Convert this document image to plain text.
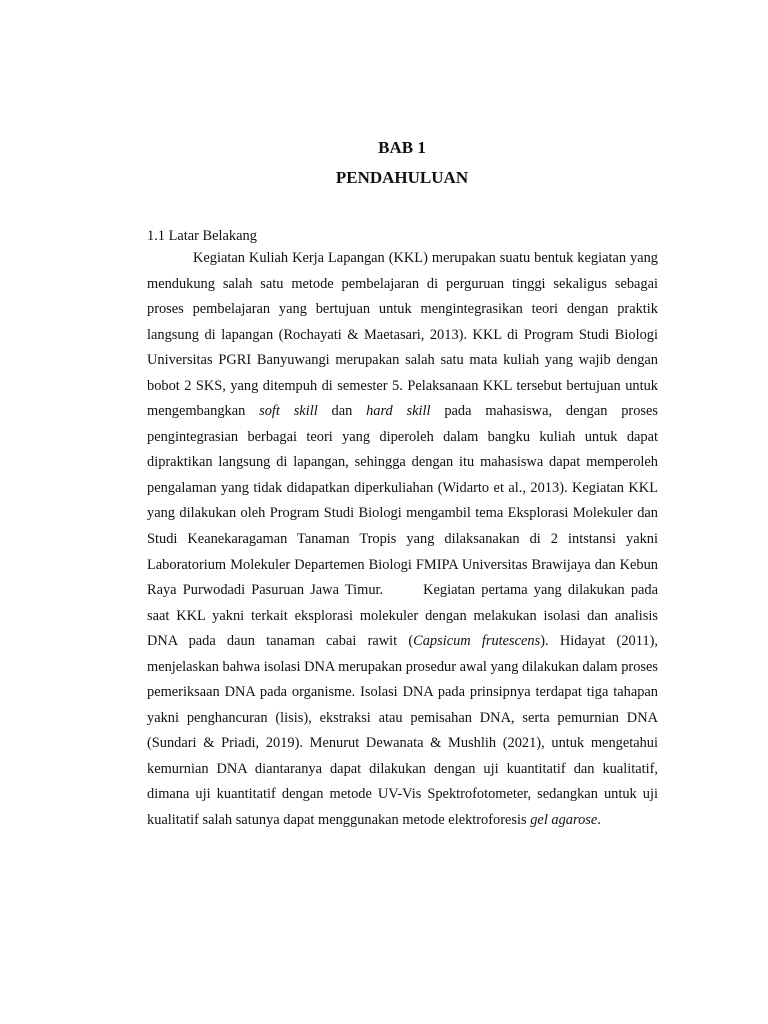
BAB 1
PENDAHULUAN
1.1 Latar Belakang

Kegiatan Kuliah Kerja Lapangan (KKL) merupakan suatu bentuk kegiatan yang mendukung salah satu metode pembelajaran di perguruan tinggi sekaligus sebagai proses pembelajaran yang bertujuan untuk mengintegrasikan teori dengan praktik langsung di lapangan (Rochayati & Maetasari, 2013). KKL di Program Studi Biologi Universitas PGRI Banyuwangi merupakan salah satu mata kuliah yang wajib dengan bobot 2 SKS, yang ditempuh di semester 5. Pelaksanaan KKL tersebut bertujuan untuk mengembangkan soft skill dan hard skill pada mahasiswa, dengan proses pengintegrasian berbagai teori yang diperoleh dalam bangku kuliah untuk dapat dipraktikan langsung di lapangan, sehingga dengan itu mahasiswa dapat memperoleh pengalaman yang tidak didapatkan diperkuliahan (Widarto et al., 2013). Kegiatan KKL yang dilakukan oleh Program Studi Biologi mengambil tema Eksplorasi Molekuler dan Studi Keanekaragaman Tanaman Tropis yang dilaksanakan di 2 intstansi yakni Laboratorium Molekuler Departemen Biologi FMIPA Universitas Brawijaya dan Kebun Raya Purwodadi Pasuruan Jawa Timur.	Kegiatan pertama yang dilakukan pada saat KKL yakni terkait eksplorasi molekuler dengan melakukan isolasi dan analisis DNA pada daun tanaman cabai rawit (Capsicum frutescens). Hidayat (2011), menjelaskan bahwa isolasi DNA merupakan prosedur awal yang dilakukan dalam proses pemeriksaan DNA pada organisme. Isolasi DNA pada prinsipnya terdapat tiga tahapan yakni penghancuran (lisis), ekstraksi atau pemisahan DNA, serta pemurnian DNA (Sundari & Priadi, 2019). Menurut Dewanata & Mushlih (2021), untuk mengetahui kemurnian DNA diantaranya dapat dilakukan dengan uji kuantitatif dan kualitatif, dimana uji kuantitatif dengan metode UV-Vis Spektrofotometer, sedangkan untuk uji kualitatif salah satunya dapat menggunakan metode elektroforesis gel agarose.
